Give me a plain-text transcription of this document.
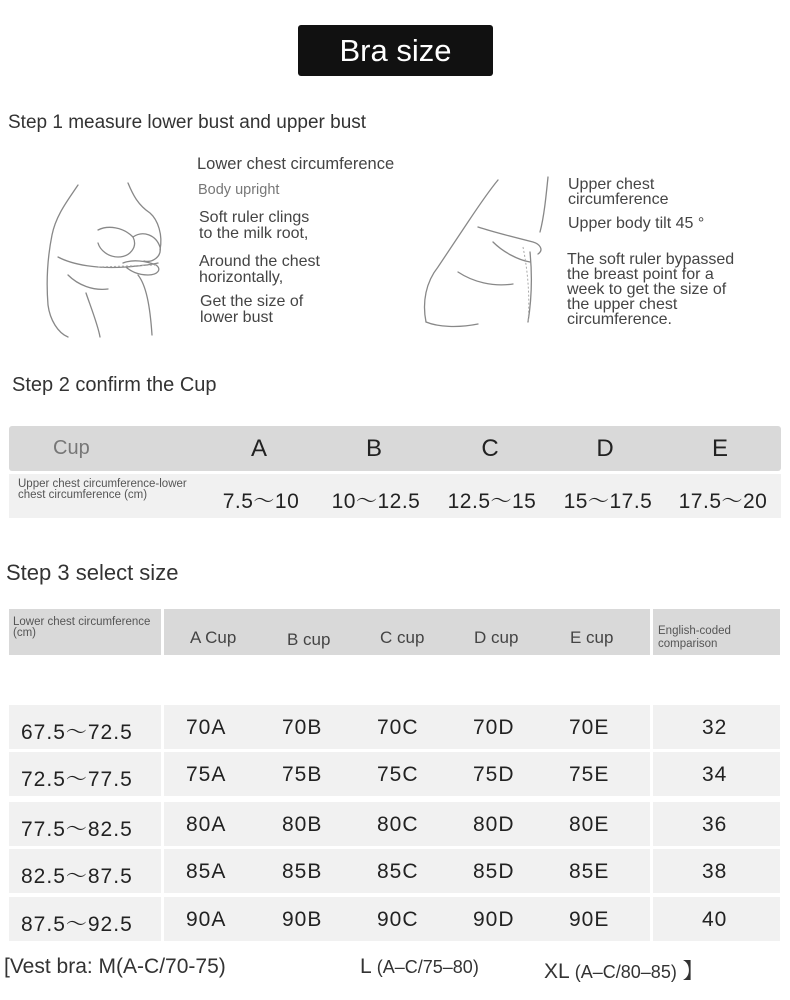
Bra size
Step 1 measure lower bust and upper bust
Lower chest circumference
Body upright
Soft ruler clings
to the milk root,
Around the chest
horizontally,
Get the size of
lower bust
Upper chest
circumference
Upper body tilt 45 °
The soft ruler bypassed
the breast point for a
week to get the size of
the upper chest
circumference.
Step 2 confirm the Cup
Cup	A	B	C	D	E
Upper chest circumference-lower
chest circumference (cm)	7.5～10	10～12.5	12.5～15	15～17.5	17.5～20
Step 3 select size
Lower chest circumference
(cm)	A Cup	B cup	C cup	D cup	E cup	English-coded
comparison
67.5～72.5	70A	70B	70C	70D	70E	32
72.5～77.5	75A	75B	75C	75D	75E	34
77.5～82.5	80A	80B	80C	80D	80E	36
82.5～87.5	85A	85B	85C	85D	85E	38
87.5～92.5	90A	90B	90C	90D	90E	40
[Vest bra: M(A-C/70-75)	L (A–C/75–80)	XL (A–C/80–85) 】
